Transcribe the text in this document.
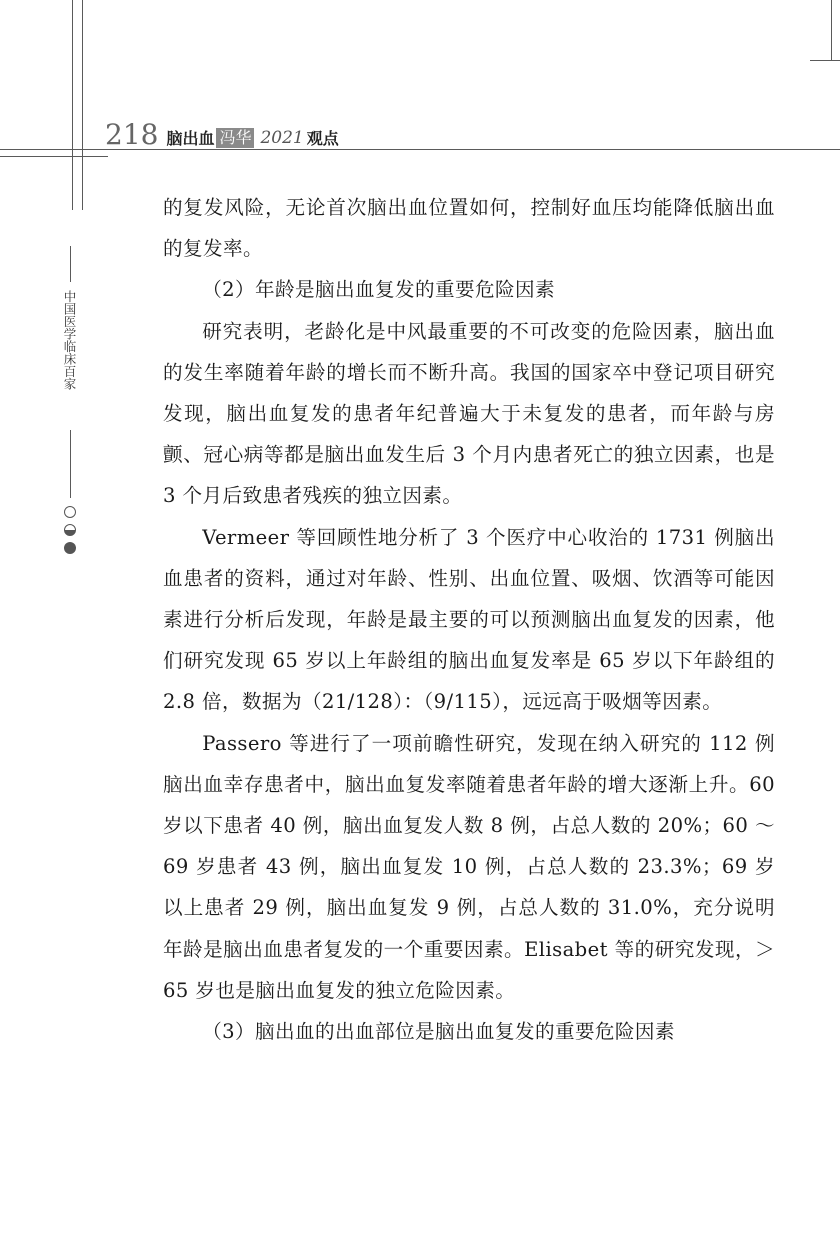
218 脑出血 冯华 2021 观点
中国医学临床百家

的复发风险，无论首次脑出血位置如何，控制好血压均能降低脑出血的复发率。

（2）年龄是脑出血复发的重要危险因素

研究表明，老龄化是中风最重要的不可改变的危险因素，脑出血的发生率随着年龄的增长而不断升高。我国的国家卒中登记项目研究发现，脑出血复发的患者年纪普遍大于未复发的患者，而年龄与房颤、冠心病等都是脑出血发生后 3 个月内患者死亡的独立因素，也是 3 个月后致患者残疾的独立因素。

Vermeer 等回顾性地分析了 3 个医疗中心收治的 1731 例脑出血患者的资料，通过对年龄、性别、出血位置、吸烟、饮酒等可能因素进行分析后发现，年龄是最主要的可以预测脑出血复发的因素，他们研究发现 65 岁以上年龄组的脑出血复发率是 65 岁以下年龄组的 2.8 倍，数据为（21/128）：（9/115），远远高于吸烟等因素。

Passero 等进行了一项前瞻性研究，发现在纳入研究的 112 例脑出血幸存患者中，脑出血复发率随着患者年龄的增大逐渐上升。60 岁以下患者 40 例，脑出血复发人数 8 例，占总人数的 20%；60 ～ 69 岁患者 43 例，脑出血复发 10 例，占总人数的 23.3%；69 岁以上患者 29 例，脑出血复发 9 例，占总人数的 31.0%，充分说明年龄是脑出血患者复发的一个重要因素。Elisabet 等的研究发现，＞65 岁也是脑出血复发的独立危险因素。

（3）脑出血的出血部位是脑出血复发的重要危险因素
